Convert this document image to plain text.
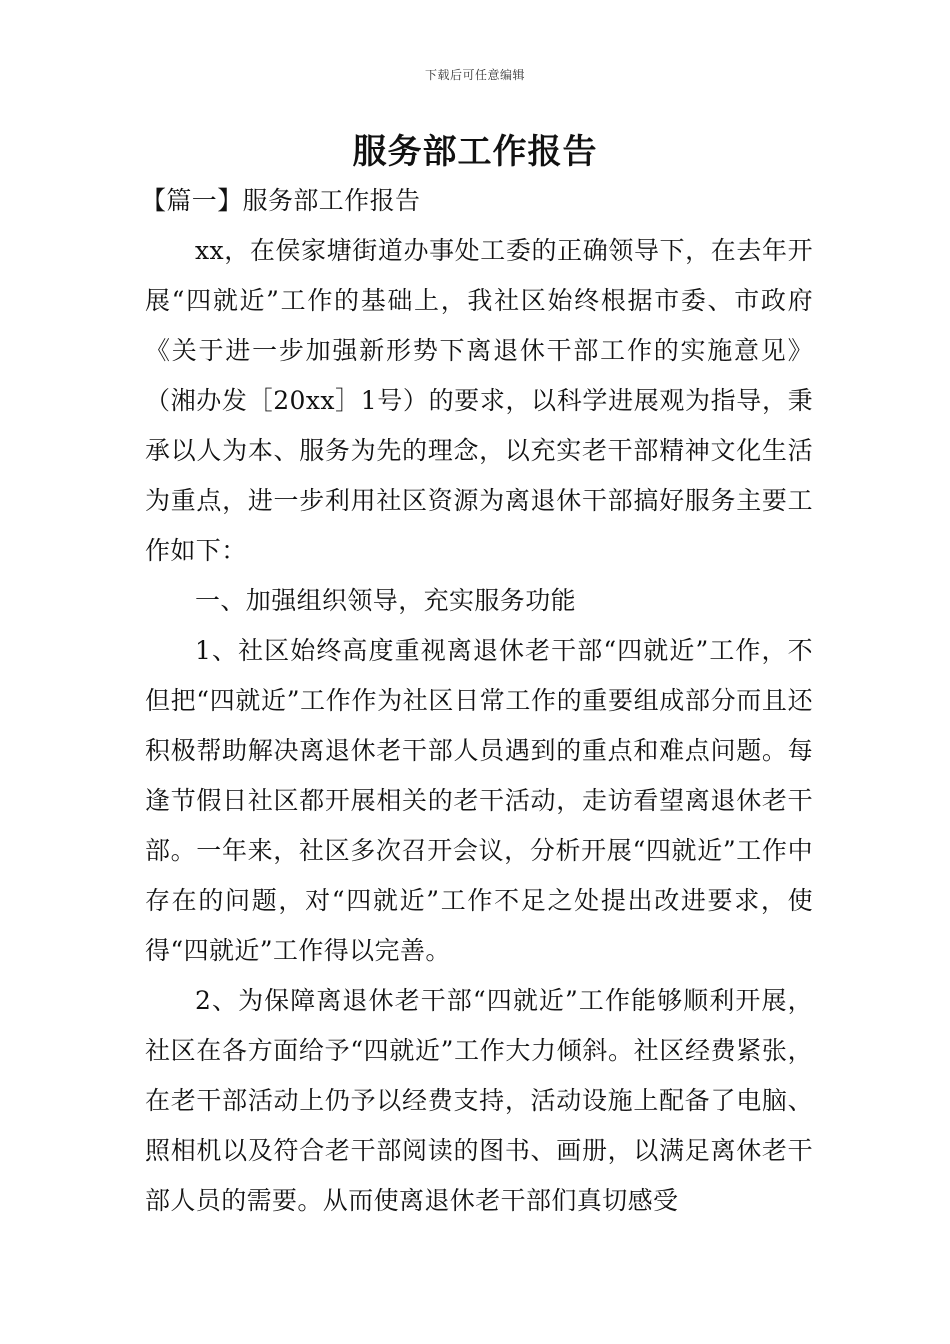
下载后可任意编辑
服务部工作报告

【篇一】服务部工作报告

xx，在侯家塘街道办事处工委的正确领导下，在去年开展“四就近”工作的基础上，我社区始终根据市委、市政府《关于进一步加强新形势下离退休干部工作的实施意见》（湘办发［20xx］1号）的要求，以科学进展观为指导，秉承以人为本、服务为先的理念，以充实老干部精神文化生活为重点，进一步利用社区资源为离退休干部搞好服务主要工作如下：

一、加强组织领导，充实服务功能

1、社区始终高度重视离退休老干部“四就近”工作，不但把“四就近”工作作为社区日常工作的重要组成部分而且还积极帮助解决离退休老干部人员遇到的重点和难点问题。每逢节假日社区都开展相关的老干活动，走访看望离退休老干部。一年来，社区多次召开会议，分析开展“四就近”工作中存在的问题，对“四就近”工作不足之处提出改进要求，使得“四就近”工作得以完善。

2、为保障离退休老干部“四就近”工作能够顺利开展，社区在各方面给予“四就近”工作大力倾斜。社区经费紧张，在老干部活动上仍予以经费支持，活动设施上配备了电脑、照相机以及符合老干部阅读的图书、画册，以满足离休老干部人员的需要。从而使离退休老干部们真切感受
